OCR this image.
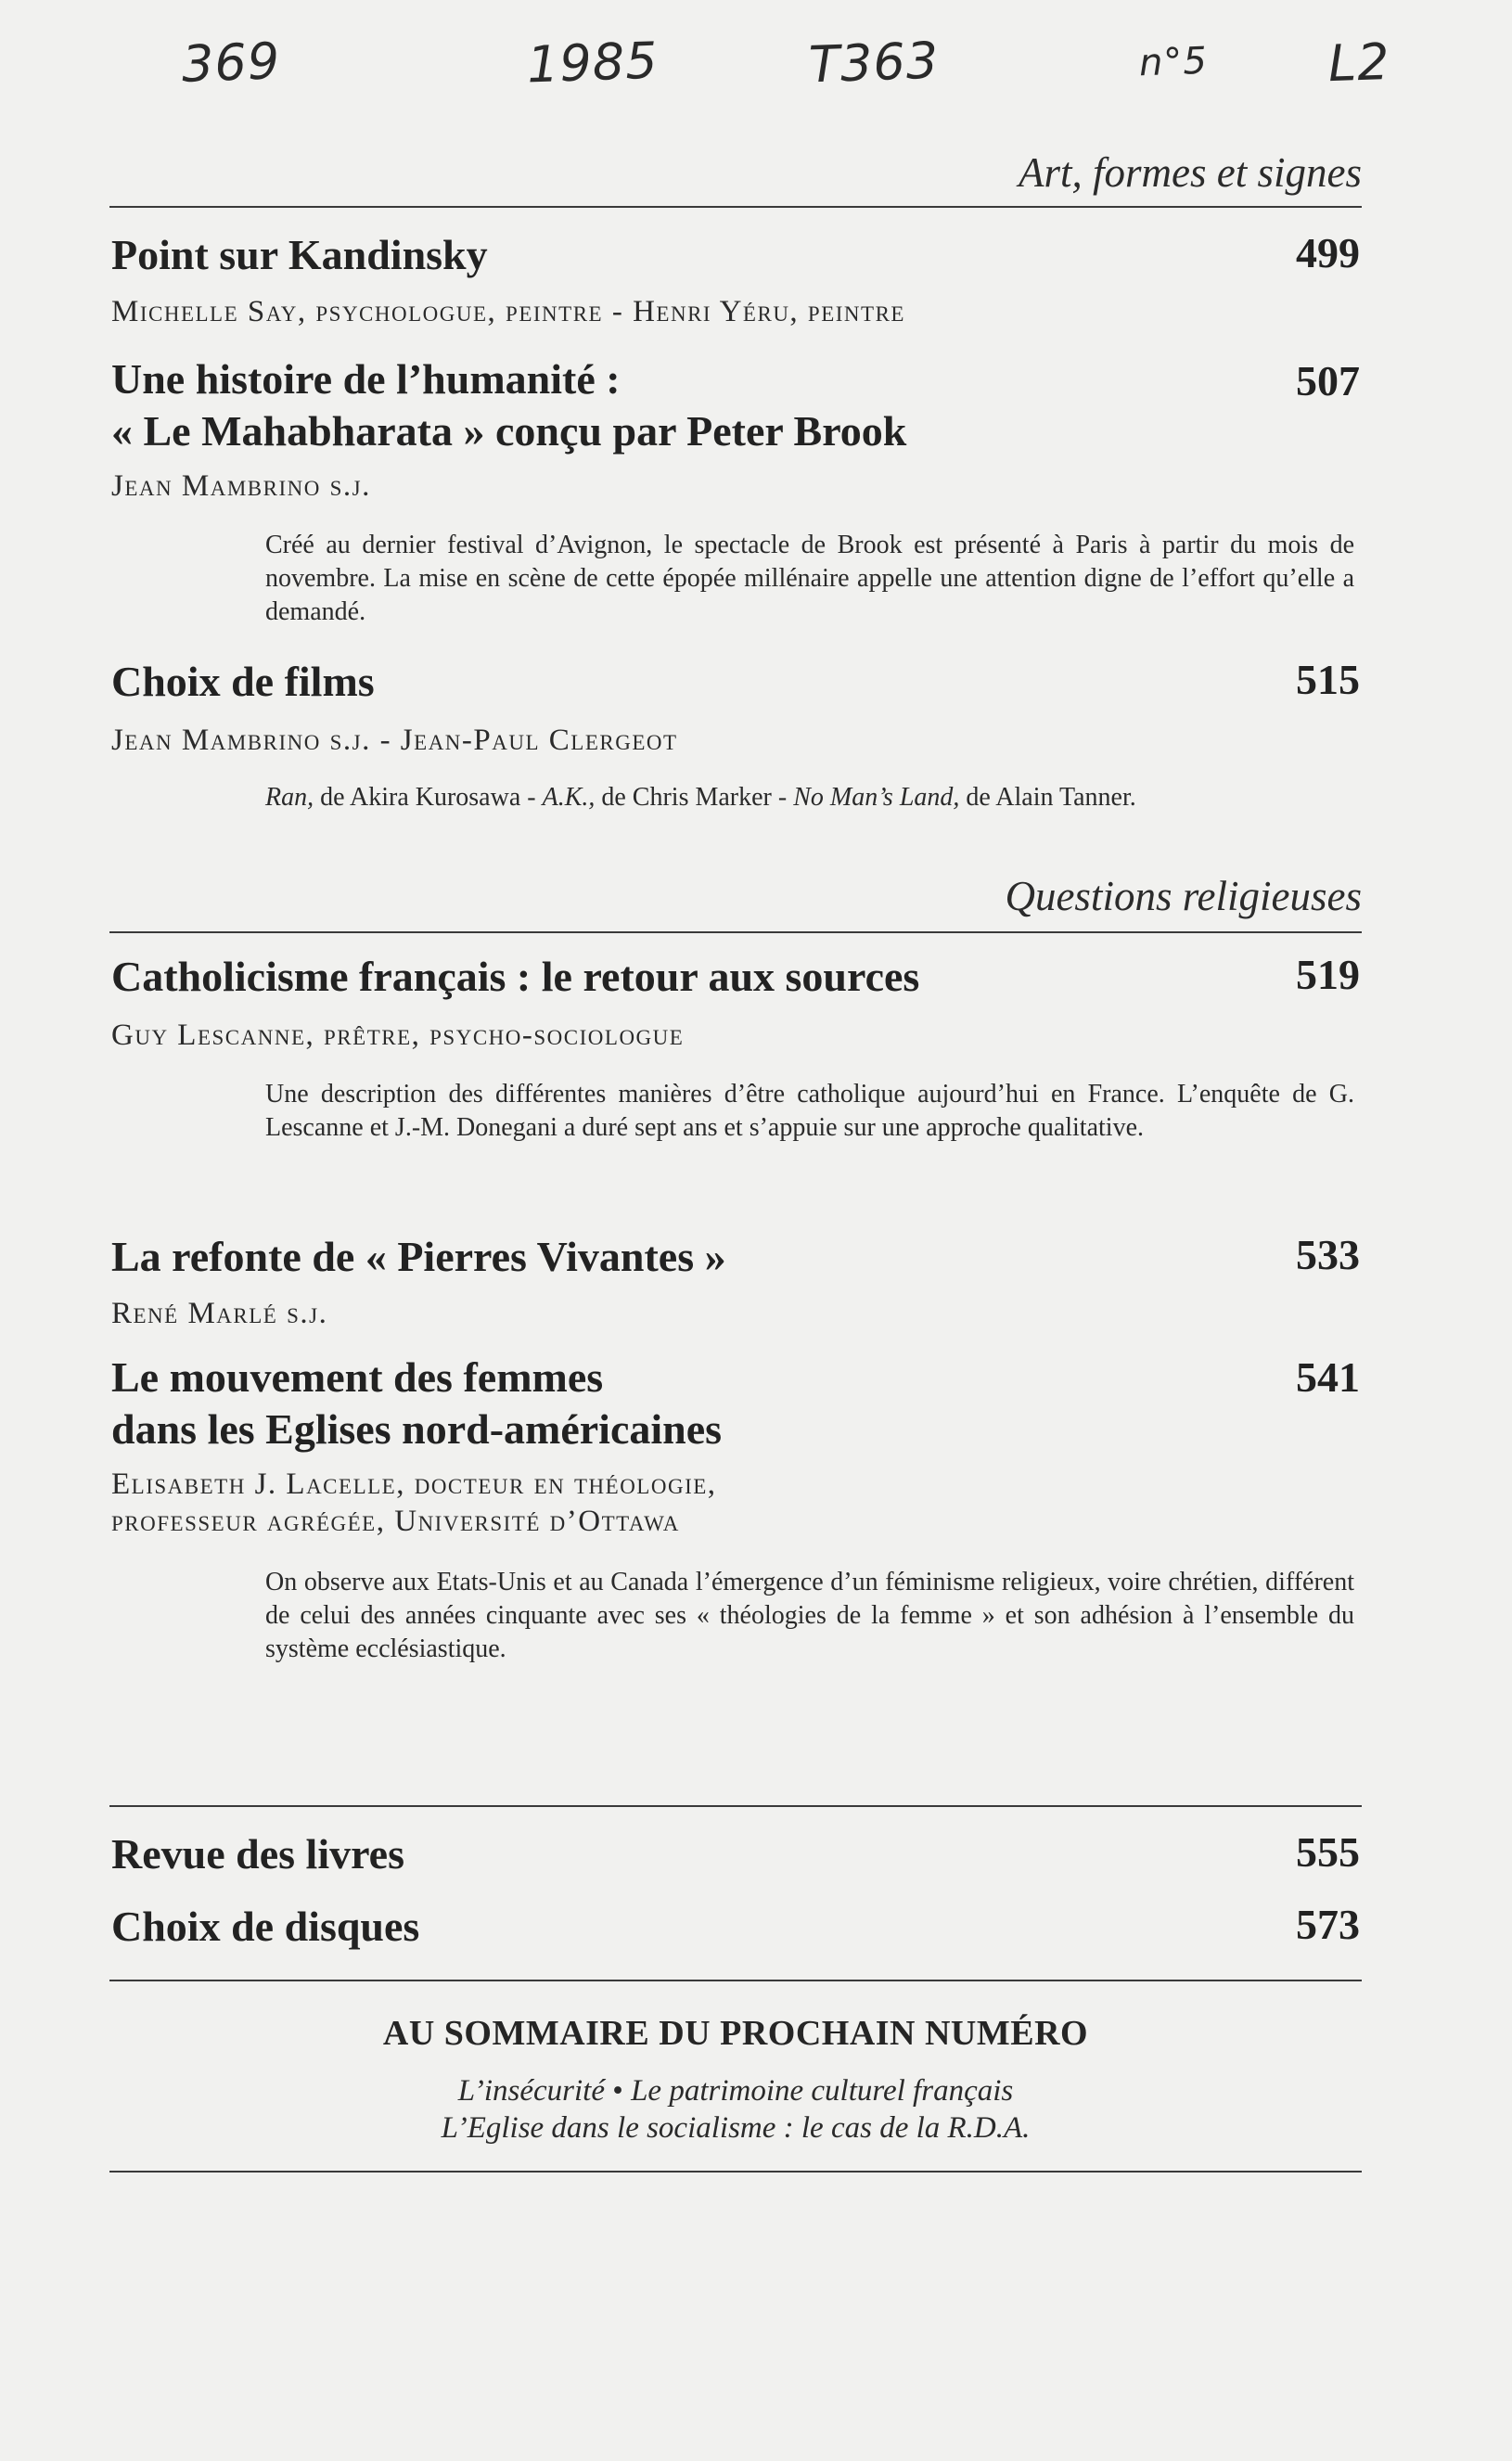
369	1985	T363	n°5 L2
Art, formes et signes
Point sur Kandinsky	499
Michelle Say, psychologue, peintre - Henri Yéru, peintre
Une histoire de l’humanité :	507
« Le Mahabharata » conçu par Peter Brook
Jean Mambrino s.j.
Créé au dernier festival d’Avignon, le spectacle de Brook est présenté à Paris à partir du mois de novembre. La mise en scène de cette épopée millénaire appelle une attention digne de l’effort qu’elle a demandé.
Choix de films	515
Jean Mambrino s.j. - Jean-Paul Clergeot
Ran, de Akira Kurosawa - A.K., de Chris Marker - No Man’s Land, de Alain Tanner.
Questions religieuses
Catholicisme français : le retour aux sources	519
Guy Lescanne, prêtre, psycho-sociologue
Une description des différentes manières d’être catholique aujourd’hui en France. L’enquête de G. Lescanne et J.-M. Donegani a duré sept ans et s’appuie sur une approche qualitative.
La refonte de « Pierres Vivantes »	533
René Marlé s.j.
Le mouvement des femmes	541
dans les Eglises nord-américaines
Elisabeth J. Lacelle, docteur en théologie,
professeur agrégée, Université d’Ottawa
On observe aux Etats-Unis et au Canada l’émergence d’un féminisme religieux, voire chrétien, différent de celui des années cinquante avec ses « théologies de la femme » et son adhésion à l’ensemble du système ecclésiastique.
Revue des livres	555
Choix de disques	573
AU SOMMAIRE DU PROCHAIN NUMÉRO
L’insécurité • Le patrimoine culturel français
L’Eglise dans le socialisme : le cas de la R.D.A.
